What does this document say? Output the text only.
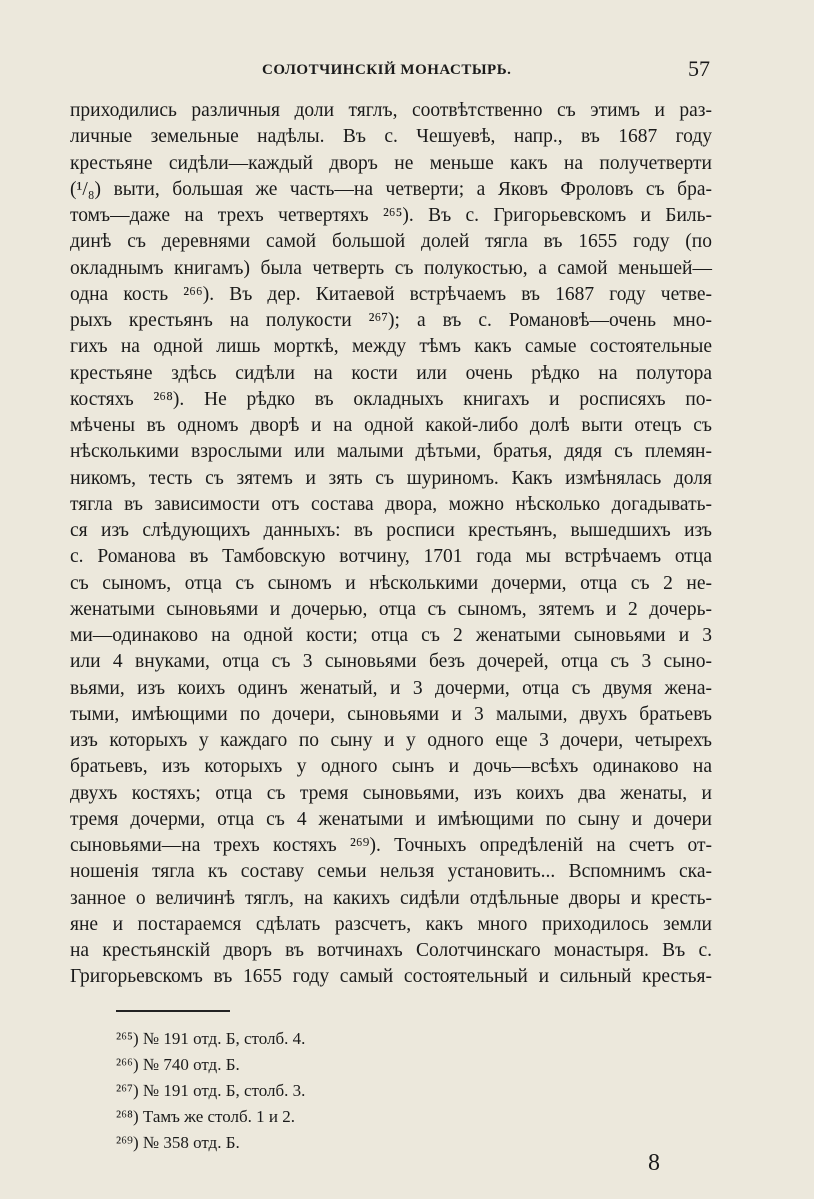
СОЛОТЧИНСКІЙ МОНАСТЫРЬ.	57
приходились различныя доли тяглъ, соотвѣтственно съ этимъ и раз-
личные земельные надѣлы. Въ с. Чешуевѣ, напр., въ 1687 году
крестьяне сидѣли—каждый дворъ не меньше какъ на получетверти
(¹/₈) выти, большая же часть—на четверти; а Яковъ Фроловъ съ бра-
томъ—даже на трехъ четвертяхъ ²⁶⁵). Въ с. Григорьевскомъ и Биль-
динѣ съ деревнями самой большой долей тягла въ 1655 году (по
окладнымъ книгамъ) была четверть съ полукостью, а самой меньшей—
одна кость ²⁶⁶). Въ дер. Китаевой встрѣчаемъ въ 1687 году четве-
рыхъ крестьянъ на полукости ²⁶⁷); а въ с. Романовѣ—очень мно-
гихъ на одной лишь морткѣ, между тѣмъ какъ самые состоятельные
крестьяне здѣсь сидѣли на кости или очень рѣдко на полутора
костяхъ ²⁶⁸). Не рѣдко въ окладныхъ книгахъ и росписяхъ по-
мѣчены въ одномъ дворѣ и на одной какой-либо долѣ выти отецъ съ
нѣсколькими взрослыми или малыми дѣтьми, братья, дядя съ племян-
никомъ, тесть съ зятемъ и зять съ шуриномъ. Какъ измѣнялась доля
тягла въ зависимости отъ состава двора, можно нѣсколько догадывать-
ся изъ слѣдующихъ данныхъ: въ росписи крестьянъ, вышедшихъ изъ
с. Романова въ Тамбовскую вотчину, 1701 года мы встрѣчаемъ отца
съ сыномъ, отца съ сыномъ и нѣсколькими дочерми, отца съ 2 не-
женатыми сыновьями и дочерью, отца съ сыномъ, зятемъ и 2 дочерь-
ми—одинаково на одной кости; отца съ 2 женатыми сыновьями и 3
или 4 внуками, отца съ 3 сыновьями безъ дочерей, отца съ 3 сыно-
вьями, изъ коихъ одинъ женатый, и 3 дочерми, отца съ двумя жена-
тыми, имѣющими по дочери, сыновьями и 3 малыми, двухъ братьевъ
изъ которыхъ у каждаго по сыну и у одного еще 3 дочери, четырехъ
братьевъ, изъ которыхъ у одного сынъ и дочь—всѣхъ одинаково на
двухъ костяхъ; отца съ тремя сыновьями, изъ коихъ два женаты, и
тремя дочерми, отца съ 4 женатыми и имѣющими по сыну и дочери
сыновьями—на трехъ костяхъ ²⁶⁹). Точныхъ опредѣленій на счетъ от-
ношенія тягла къ составу семьи нельзя установить... Вспомнимъ ска-
занное о величинѣ тяглъ, на какихъ сидѣли отдѣльные дворы и кресть-
яне и постараемся сдѣлать разсчетъ, какъ много приходилось земли
на крестьянскій дворъ въ вотчинахъ Солотчинскаго монастыря. Въ с.
Григорьевскомъ въ 1655 году самый состоятельный и сильный крестья-
²⁶⁵) № 191 отд. Б, столб. 4.
²⁶⁶) № 740 отд. Б.
²⁶⁷) № 191 отд. Б, столб. 3.
²⁶⁸) Тамъ же столб. 1 и 2.
²⁶⁹) № 358 отд. Б.
8
